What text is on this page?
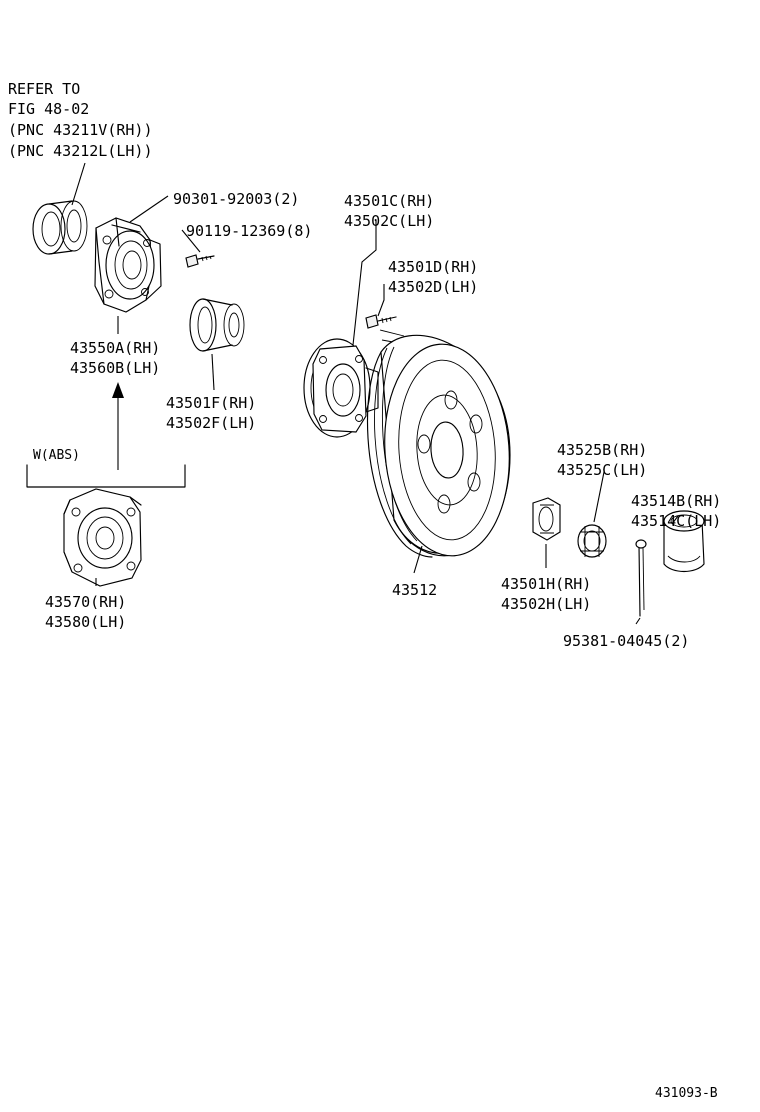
REFER TO
FIG 48-02
(PNC 43211V(RH))
(PNC 43212L(LH))
90301-92003(2)
90119-12369(8)
43501C(RH)
43502C(LH)
43501D(RH)
43502D(LH)
43550A(RH)
43560B(LH)
43501F(RH)
43502F(LH)
W(ABS)
43570(RH)
43580(LH)
43512	43501H(RH)
43502H(LH)
43525B(RH)
43525C(LH)
43514B(RH)
43514C(LH)
95381-04045(2)
431093-B
